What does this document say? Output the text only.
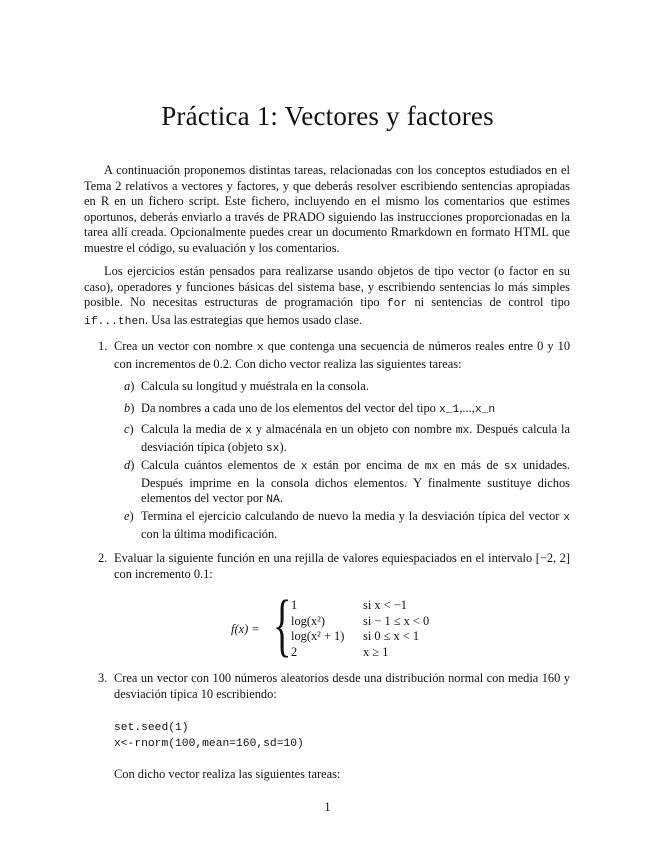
Práctica 1: Vectores y factores

A continuación proponemos distintas tareas, relacionadas con los conceptos estudiados en el Tema 2 relativos a vectores y factores, y que deberás resolver escribiendo sentencias apropiadas en R en un fichero script. Este fichero, incluyendo en el mismo los comentarios que estimes oportunos, deberás enviarlo a través de PRADO siguiendo las instrucciones proporcionadas en la tarea allí creada. Opcionalmente puedes crear un documento Rmarkdown en formato HTML que muestre el código, su evaluación y los comentarios.

Los ejercicios están pensados para realizarse usando objetos de tipo vector (o factor en su caso), operadores y funciones básicas del sistema base, y escribiendo sentencias lo más simples posible. No necesitas estructuras de programación tipo for ni sentencias de control tipo if...then. Usa las estrategias que hemos usado clase.

1. Crea un vector con nombre x que contenga una secuencia de números reales entre 0 y 10 con incrementos de 0.2. Con dicho vector realiza las siguientes tareas:
a) Calcula su longitud y muéstrala en la consola.
b) Da nombres a cada uno de los elementos del vector del tipo x_1,...,x_n
c) Calcula la media de x y almacénala en un objeto con nombre mx. Después calcula la desviación típica (objeto sx).
d) Calcula cuántos elementos de x están por encima de mx en más de sx unidades. Después imprime en la consola dichos elementos. Y finalmente sustituye dichos elementos del vector por NA.
e) Termina el ejercicio calculando de nuevo la media y la desviación típica del vector x con la última modificación.
2. Evaluar la siguiente función en una rejilla de valores equiespaciados en el intervalo [−2, 2] con incremento 0.1:
f(x) = { 1	si x < −1
log(x²)	si − 1 ≤ x < 0
log(x² + 1) si 0 ≤ x < 1
2	x ≥ 1
3. Crea un vector con 100 números aleatorios desde una distribución normal con media 160 y desviación típica 10 escribiendo:
set.seed(1)
x<-rnorm(100,mean=160,sd=10)
Con dicho vector realiza las siguientes tareas:
1
